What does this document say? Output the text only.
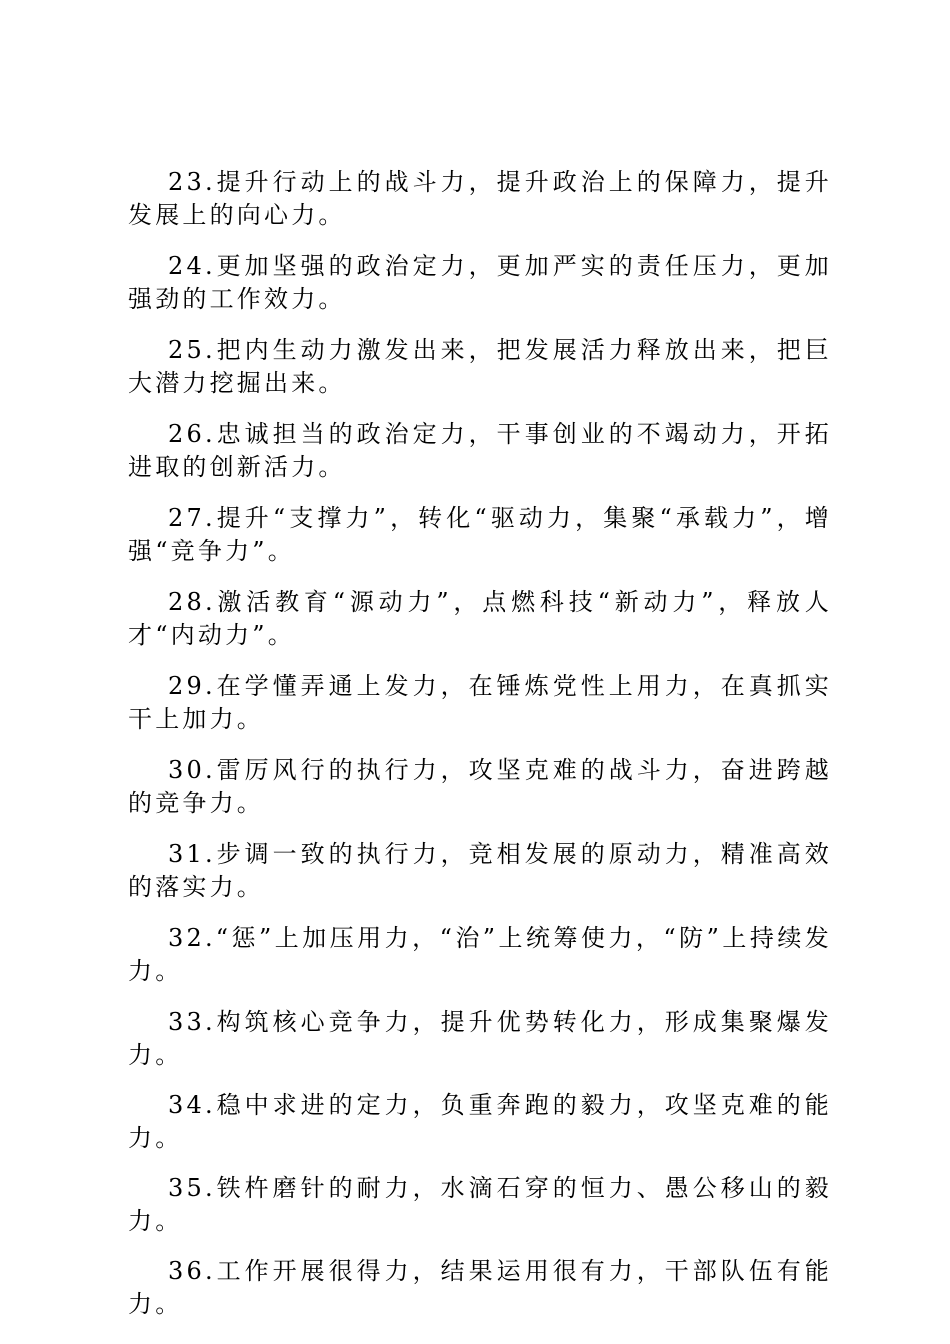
23.提升行动上的战斗力，提升政治上的保障力，提升发展上的向心力。

24.更加坚强的政治定力，更加严实的责任压力，更加强劲的工作效力。

25.把内生动力激发出来，把发展活力释放出来，把巨大潜力挖掘出来。

26.忠诚担当的政治定力，干事创业的不竭动力，开拓进取的创新活力。

27.提升“支撑力”，转化“驱动力，集聚“承载力”，增强“竞争力”。

28.激活教育“源动力”，点燃科技“新动力”，释放人才“内动力”。

29.在学懂弄通上发力，在锤炼党性上用力，在真抓实干上加力。

30.雷厉风行的执行力，攻坚克难的战斗力，奋进跨越的竞争力。

31.步调一致的执行力，竞相发展的原动力，精准高效的落实力。

32.“惩”上加压用力，“治”上统筹使力，“防”上持续发力。

33.构筑核心竞争力，提升优势转化力，形成集聚爆发力。

34.稳中求进的定力，负重奔跑的毅力，攻坚克难的能力。

35.铁杵磨针的耐力，水滴石穿的恒力、愚公移山的毅力。

36.工作开展很得力，结果运用很有力，干部队伍有能力。
